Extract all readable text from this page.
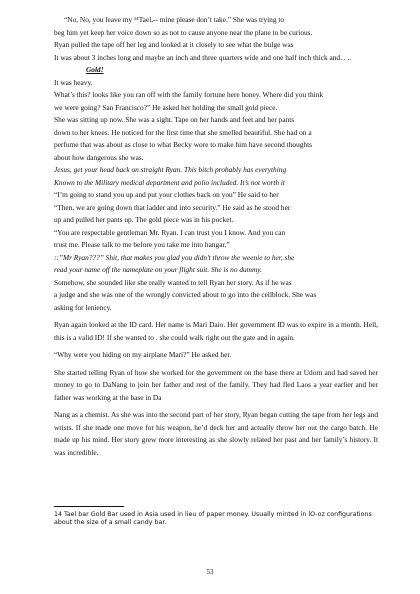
“No, No, you leave my ¹⁴Tael,-- mine please don’t take.” She was trying to
beg him yet keep her voice down so as not to cause anyone near the plane to be curious.
Ryan pulled the tape off her leg and looked at it closely to see what the bulge was
It was about 3 inches long and maybe an inch and three quarters wide and one half inch thick and. . ..
Gold!
It was heavy.
What’s this? looks like you ran off with the family fortune here honey. Where did you think
we were going? San Francisco?” He asked her holding the small gold piece.
She was sitting up now. She was a sight. Tape on her hands and feet and her pants
down to her knees. He noticed for the first time that she smelled beautiful. She had on a
perfume that was about as close to what Becky wore to make him have second thoughts
about how dangerous she was.
Jesus, get your head back on straight Ryan. This bitch probably has everything
Known to the Military medical department and polio included. It’s not worth it
“I’m going to stand you up and put your clothes back on you” He said to her
“Then, we are going down that ladder and into security.” He said as he stood her
up and pulled her pants up. The gold piece was in his pocket.
“You are respectable gentleman Mr. Ryan. I can trust you I know. And you can
trust me. Please talk to me before you take me into hangar.”
::”Mr Ryan???” Shit, that makes you glad you didn’t throw the weenie to her, she
read your name off the nameplate on your flight suit. She is no dummy.
Somehow, she sounded like she really wanted to tell Ryan her story. As if he was
a judge and she was one of the wrongly convicted about to go into the cellblock. She was
asking for leniency.
Ryan again looked at the ID card. Her name is Mari Daio. Her government ID was to expire in a month. Hell, this is a valid ID! If she wanted to . she could walk right out the gate and in again.
“Why were you hiding on my airplane Mari?” He asked her.
She started telling Ryan of how she worked for the government on the base there at Udorn and had saved her money to go to DaNang to join her father and rest of the family. They had fled Laos a year earlier and her father was working at the base in Da
Nang as a chemist. As she was into the second part of her story, Ryan began cutting the tape from her legs and wrists. If she made one move for his weapon, he’d deck her and actually throw her out the cargo batch. He made up his mind. Her story grew more interesting as she slowly related her past and her family’s history. It was incredible.
14 Tael bar Gold Bar used in Asia used in lieu of paper money. Usually minted in lO-oz configurations about the size of a small candy bar.
53
